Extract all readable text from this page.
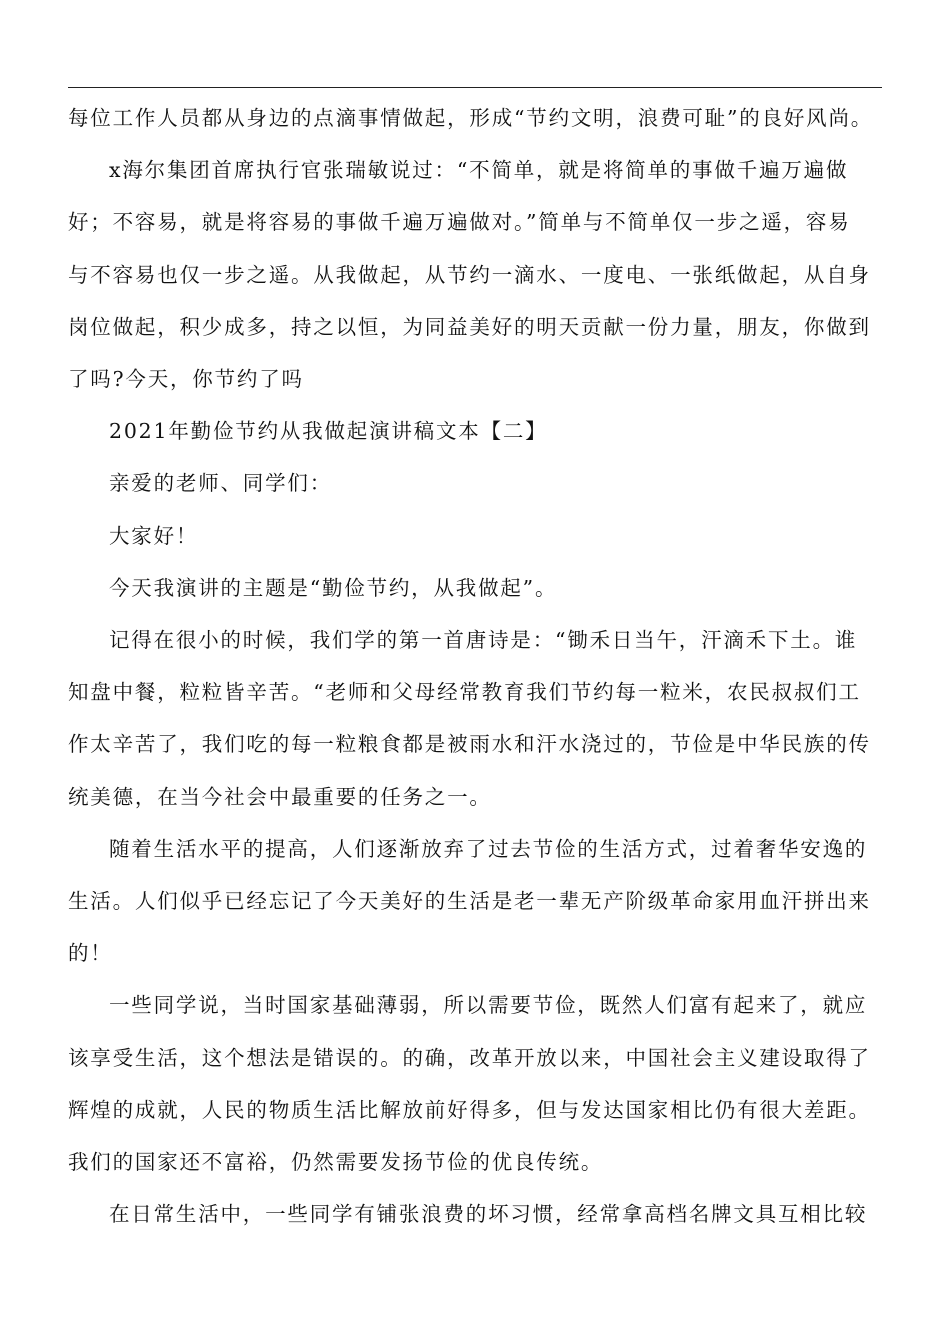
每位工作人员都从身边的点滴事情做起，形成“节约文明，浪费可耻”的良好风尚。
x海尔集团首席执行官张瑞敏说过：“不简单，就是将简单的事做千遍万遍做
好；不容易，就是将容易的事做千遍万遍做对。”简单与不简单仅一步之遥，容易
与不容易也仅一步之遥。从我做起，从节约一滴水、一度电、一张纸做起，从自身
岗位做起，积少成多，持之以恒，为同益美好的明天贡献一份力量，朋友，你做到
了吗?今天，你节约了吗
2021年勤俭节约从我做起演讲稿文本【二】
亲爱的老师、同学们：
大家好！
今天我演讲的主题是“勤俭节约，从我做起”。
记得在很小的时候，我们学的第一首唐诗是：“锄禾日当午，汗滴禾下土。谁
知盘中餐，粒粒皆辛苦。“老师和父母经常教育我们节约每一粒米，农民叔叔们工
作太辛苦了，我们吃的每一粒粮食都是被雨水和汗水浇过的，节俭是中华民族的传
统美德，在当今社会中最重要的任务之一。
随着生活水平的提高，人们逐渐放弃了过去节俭的生活方式，过着奢华安逸的
生活。人们似乎已经忘记了今天美好的生活是老一辈无产阶级革命家用血汗拼出来
的！
一些同学说，当时国家基础薄弱，所以需要节俭，既然人们富有起来了，就应
该享受生活，这个想法是错误的。的确，改革开放以来，中国社会主义建设取得了
辉煌的成就，人民的物质生活比解放前好得多，但与发达国家相比仍有很大差距。
我们的国家还不富裕，仍然需要发扬节俭的优良传统。
在日常生活中，一些同学有铺张浪费的坏习惯，经常拿高档名牌文具互相比较
